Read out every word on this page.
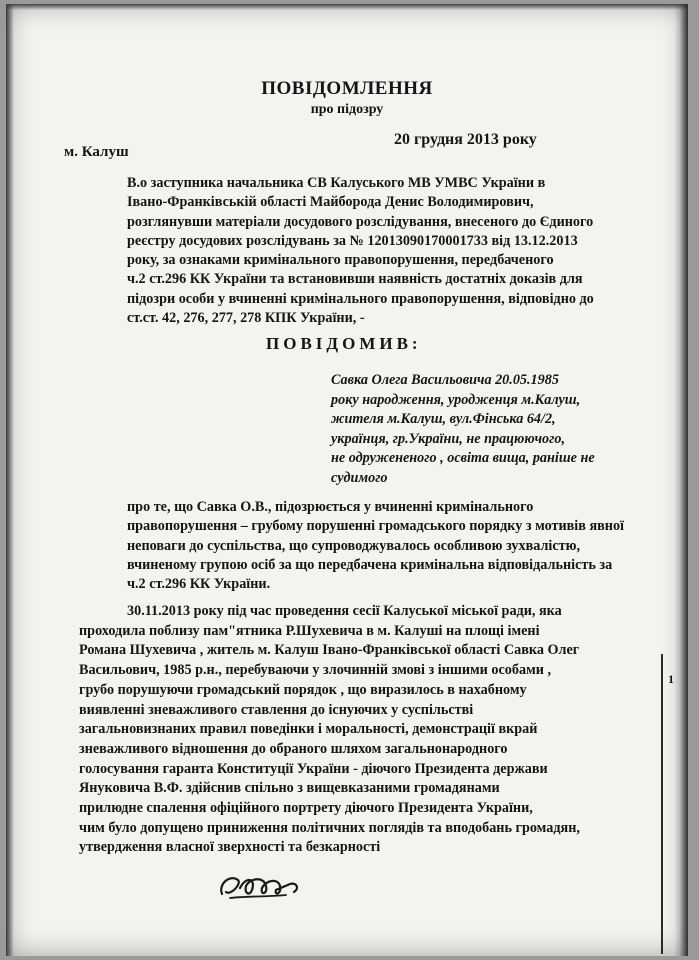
1
ПОВІДОМЛЕННЯ
про підозру
20 грудня 2013 року
м. Калуш
В.о заступника начальника СВ Калуського МВ УМВС України в
Івано-Франківській області Майборода Денис Володимирович,
розглянувши матеріали досудового розслідування, внесеного до Єдиного
реєстру досудових розслідувань за № 12013090170001733 від 13.12.2013
року, за ознаками кримінального правопорушення, передбаченого
ч.2 ст.296 КК України та встановивши наявність достатніх доказів для
підозри особи у вчиненні кримінального правопорушення, відповідно до
ст.ст. 42, 276, 277, 278 КПК України, -
ПОВІДОМИВ:
Савка Олега Васильовича 20.05.1985
року народження, уродженця м.Калуш,
жителя м.Калуш, вул.Фінська 64/2,
українця, гр.України, не працюючого,
не одружененого , освіта вища, раніше не
судимого
про те, що Савка О.В., підозрюється у вчиненні кримінального
правопорушення – грубому порушенні громадського порядку з мотивів явної
неповаги до суспільства, що супроводжувалось особливою зухвалістю,
вчиненому групою осіб за що передбачена кримінальна відповідальність за
ч.2 ст.296 КК України.
30.11.2013 року під час проведення сесії Калуської міської ради, яка
проходила поблизу пам"ятника Р.Шухевича в м. Калуші на площі імені
Романа Шухевича , житель м. Калуш Івано-Франківської області Савка Олег
Васильович, 1985 р.н., перебуваючи у злочинній змові з іншими особами ,
грубо порушуючи громадський порядок , що виразилось в нахабному
виявленні зневажливого ставлення до існуючих у суспільстві
загальновизнаних правил поведінки і моральності, демонстрації вкрай
зневажливого відношення до обраного шляхом загальнонародного
голосування гаранта Конституції України - діючого Президента держави
Януковича В.Ф. здійснив спільно з вищевказаними громадянами
прилюдне спалення офіційного портрету діючого Президента України,
чим було допущено приниження політичних поглядів та вподобань громадян,
утвердження власної зверхності та безкарності
